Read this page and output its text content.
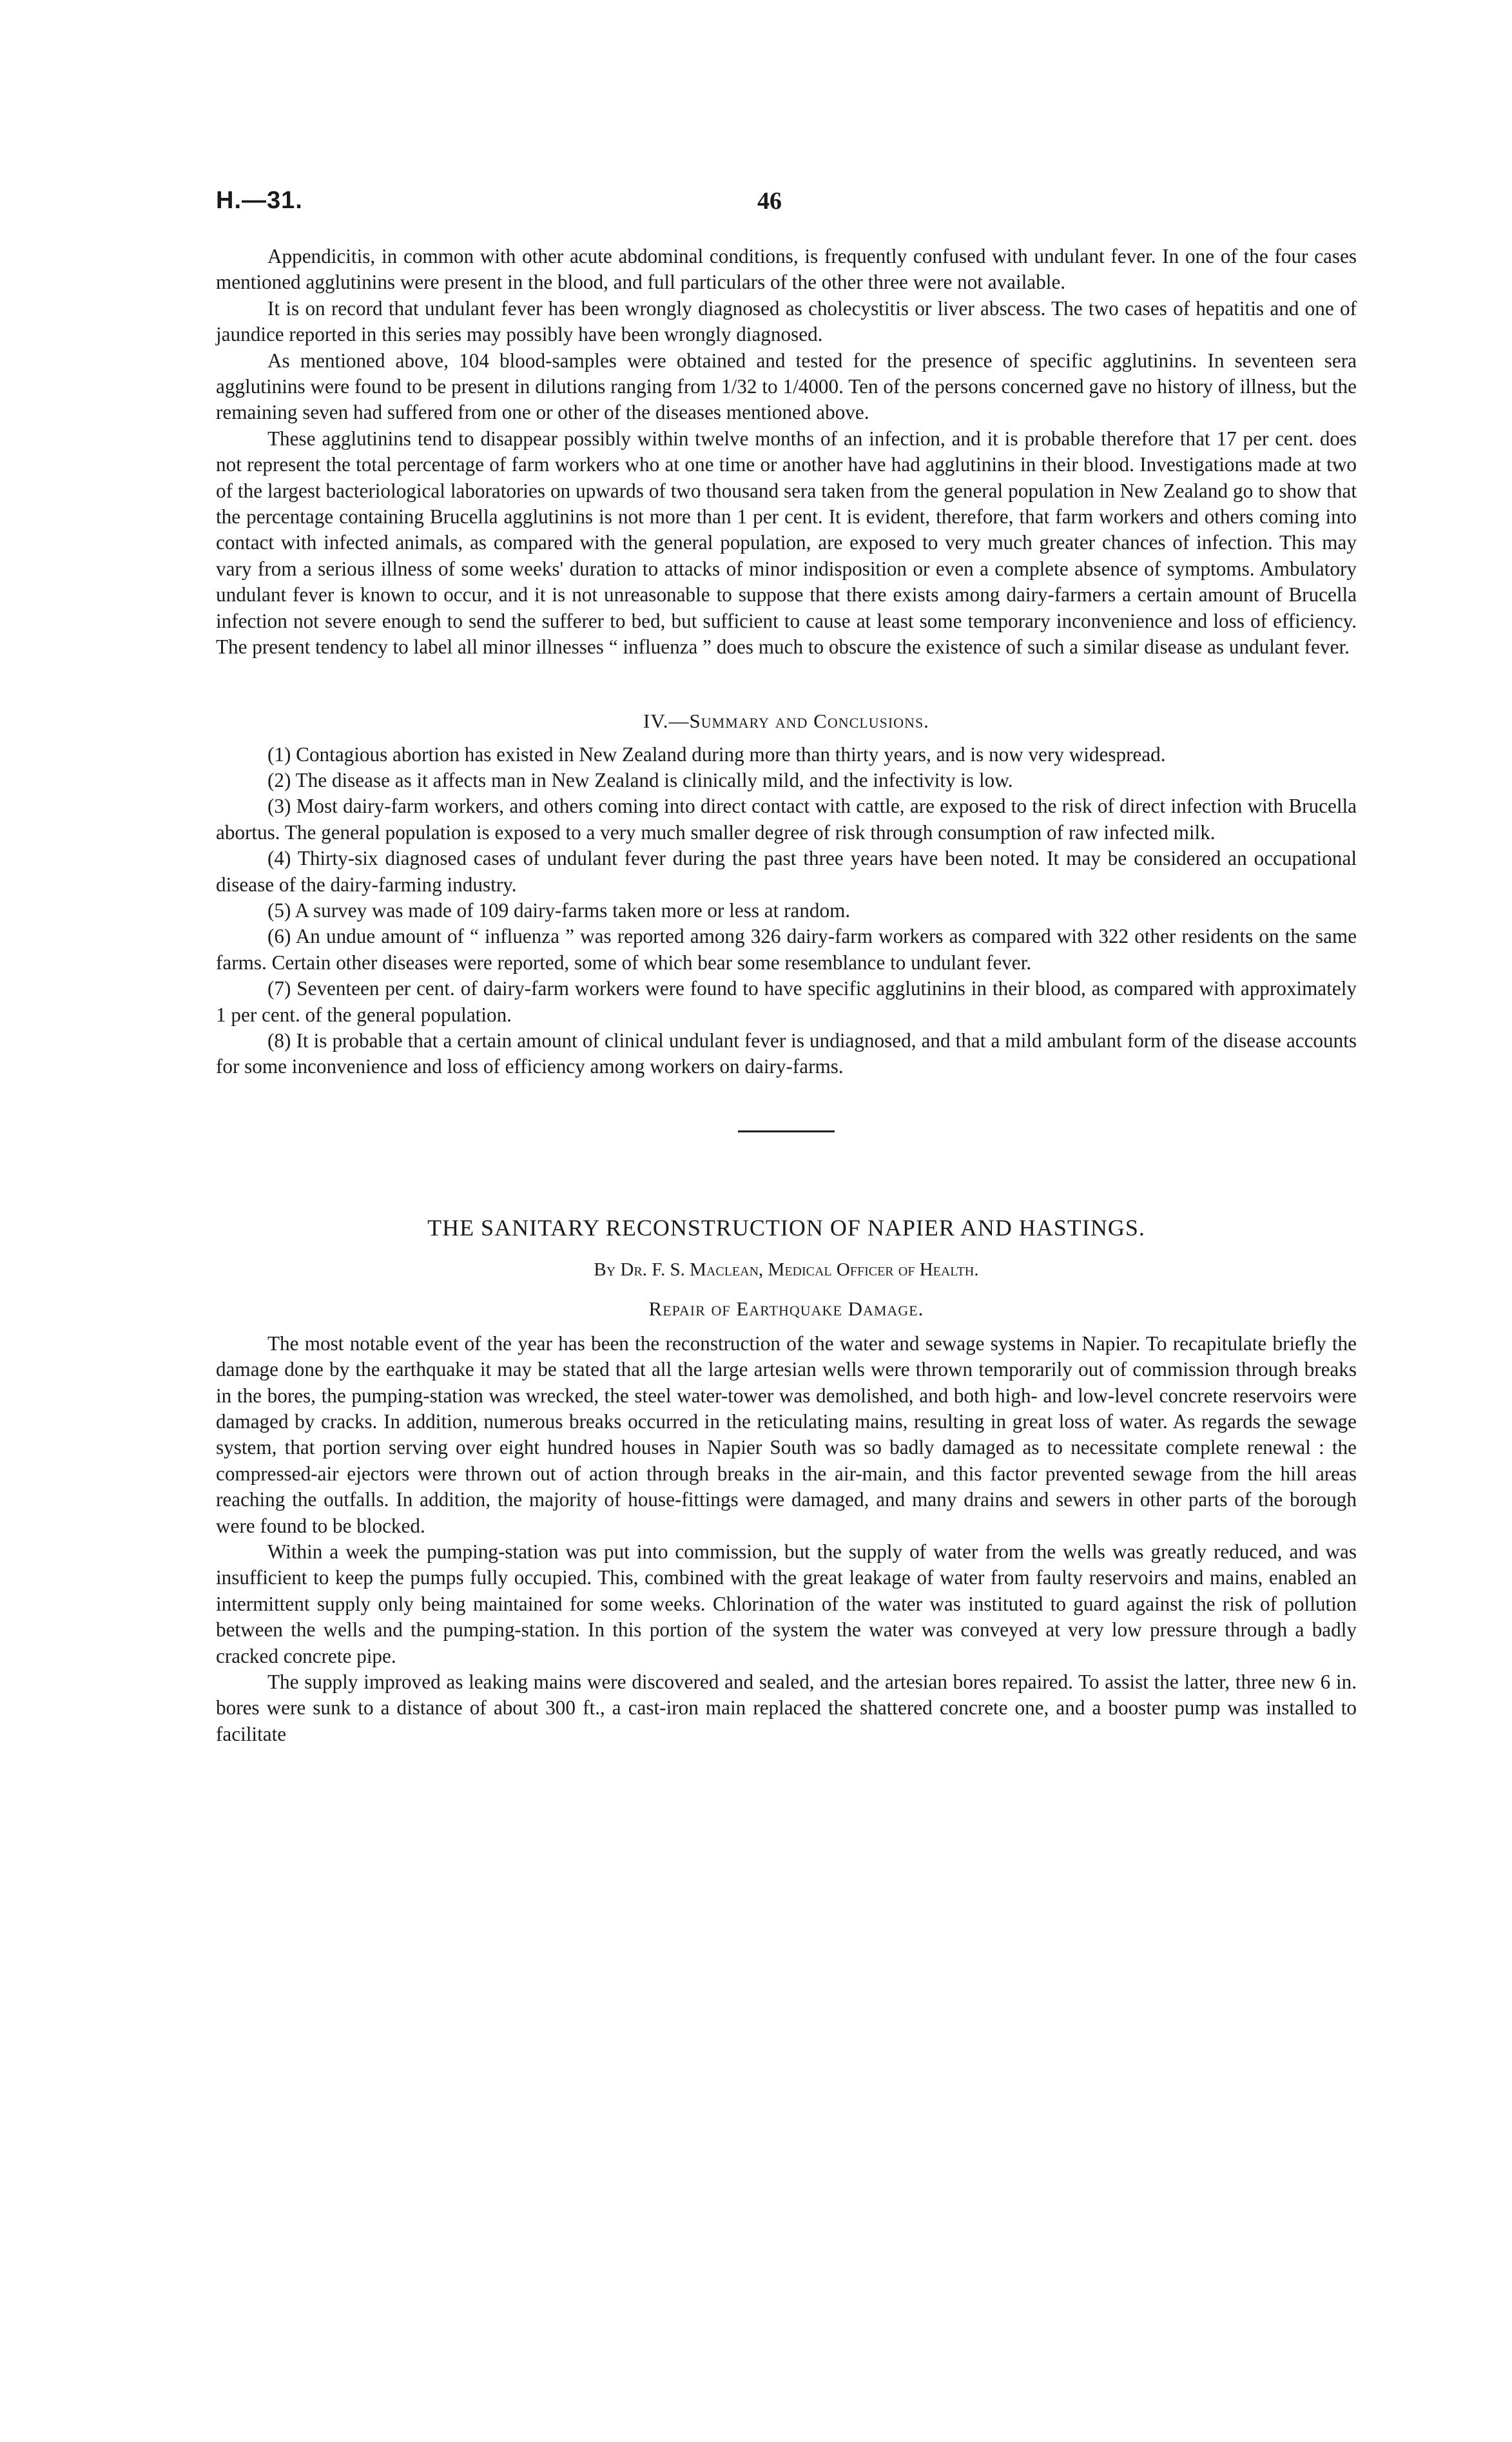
H.—31.	46

Appendicitis, in common with other acute abdominal conditions, is frequently confused with undulant fever. In one of the four cases mentioned agglutinins were present in the blood, and full particulars of the other three were not available.

It is on record that undulant fever has been wrongly diagnosed as cholecystitis or liver abscess. The two cases of hepatitis and one of jaundice reported in this series may possibly have been wrongly diagnosed.

As mentioned above, 104 blood-samples were obtained and tested for the presence of specific agglutinins. In seventeen sera agglutinins were found to be present in dilutions ranging from 1/32 to 1/4000. Ten of the persons concerned gave no history of illness, but the remaining seven had suffered from one or other of the diseases mentioned above.

These agglutinins tend to disappear possibly within twelve months of an infection, and it is probable therefore that 17 per cent. does not represent the total percentage of farm workers who at one time or another have had agglutinins in their blood. Investigations made at two of the largest bacteriological laboratories on upwards of two thousand sera taken from the general population in New Zealand go to show that the percentage containing Brucella agglutinins is not more than 1 per cent. It is evident, therefore, that farm workers and others coming into contact with infected animals, as compared with the general population, are exposed to very much greater chances of infection. This may vary from a serious illness of some weeks' duration to attacks of minor indisposition or even a complete absence of symptoms. Ambulatory undulant fever is known to occur, and it is not unreasonable to suppose that there exists among dairy-farmers a certain amount of Brucella infection not severe enough to send the sufferer to bed, but sufficient to cause at least some temporary inconvenience and loss of efficiency. The present tendency to label all minor illnesses “ influenza ” does much to obscure the existence of such a similar disease as undulant fever.

IV.—Summary and Conclusions.

(1) Contagious abortion has existed in New Zealand during more than thirty years, and is now very widespread.

(2) The disease as it affects man in New Zealand is clinically mild, and the infectivity is low.

(3) Most dairy-farm workers, and others coming into direct contact with cattle, are exposed to the risk of direct infection with Brucella abortus. The general population is exposed to a very much smaller degree of risk through consumption of raw infected milk.

(4) Thirty-six diagnosed cases of undulant fever during the past three years have been noted. It may be considered an occupational disease of the dairy-farming industry.

(5) A survey was made of 109 dairy-farms taken more or less at random.

(6) An undue amount of “ influenza ” was reported among 326 dairy-farm workers as compared with 322 other residents on the same farms. Certain other diseases were reported, some of which bear some resemblance to undulant fever.

(7) Seventeen per cent. of dairy-farm workers were found to have specific agglutinins in their blood, as compared with approximately 1 per cent. of the general population.

(8) It is probable that a certain amount of clinical undulant fever is undiagnosed, and that a mild ambulant form of the disease accounts for some inconvenience and loss of efficiency among workers on dairy-farms.

THE SANITARY RECONSTRUCTION OF NAPIER AND HASTINGS.
By Dr. F. S. Maclean, Medical Officer of Health.
Repair of Earthquake Damage.

The most notable event of the year has been the reconstruction of the water and sewage systems in Napier. To recapitulate briefly the damage done by the earthquake it may be stated that all the large artesian wells were thrown temporarily out of commission through breaks in the bores, the pumping-station was wrecked, the steel water-tower was demolished, and both high- and low-level concrete reservoirs were damaged by cracks. In addition, numerous breaks occurred in the reticulating mains, resulting in great loss of water. As regards the sewage system, that portion serving over eight hundred houses in Napier South was so badly damaged as to necessitate complete renewal : the compressed-air ejectors were thrown out of action through breaks in the air-main, and this factor prevented sewage from the hill areas reaching the outfalls. In addition, the majority of house-fittings were damaged, and many drains and sewers in other parts of the borough were found to be blocked.

Within a week the pumping-station was put into commission, but the supply of water from the wells was greatly reduced, and was insufficient to keep the pumps fully occupied. This, combined with the great leakage of water from faulty reservoirs and mains, enabled an intermittent supply only being maintained for some weeks. Chlorination of the water was instituted to guard against the risk of pollution between the wells and the pumping-station. In this portion of the system the water was conveyed at very low pressure through a badly cracked concrete pipe.

The supply improved as leaking mains were discovered and sealed, and the artesian bores repaired. To assist the latter, three new 6 in. bores were sunk to a distance of about 300 ft., a cast-iron main replaced the shattered concrete one, and a booster pump was installed to facilitate
